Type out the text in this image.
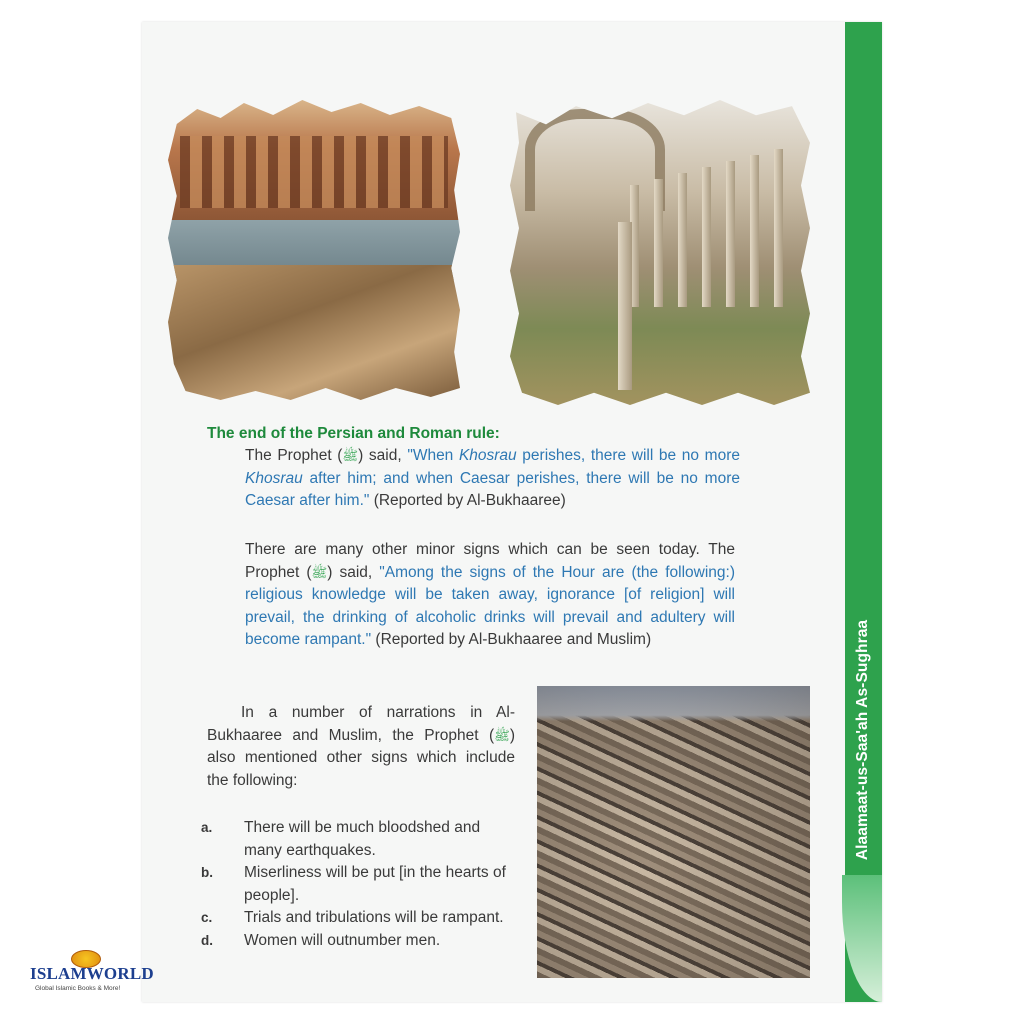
Alaamaat-us-Saa'ah As-Sughraa
The end of the Persian and Roman rule:
The Prophet (ﷺ) said, "When Khosrau perishes, there will be no more Khosrau after him; and when Caesar perishes, there will be no more Caesar after him." (Reported by Al-Bukhaaree)
There are many other minor signs which can be seen today. The Prophet (ﷺ) said, "Among the signs of the Hour are (the following:) religious knowledge will be taken away, ignorance [of religion] will prevail, the drinking of alcoholic drinks will prevail and adultery will become rampant." (Reported by Al-Bukhaaree and Muslim)
In a number of narrations in Al-Bukhaaree and Muslim, the Prophet (ﷺ) also mentioned other signs which include the following:
a. There will be much bloodshed and many earthquakes.
b. Miserliness will be put [in the hearts of people].
c. Trials and tribulations will be rampant.
d. Women will outnumber men.
ISLAMWORLD
Global Islamic Books & More!
